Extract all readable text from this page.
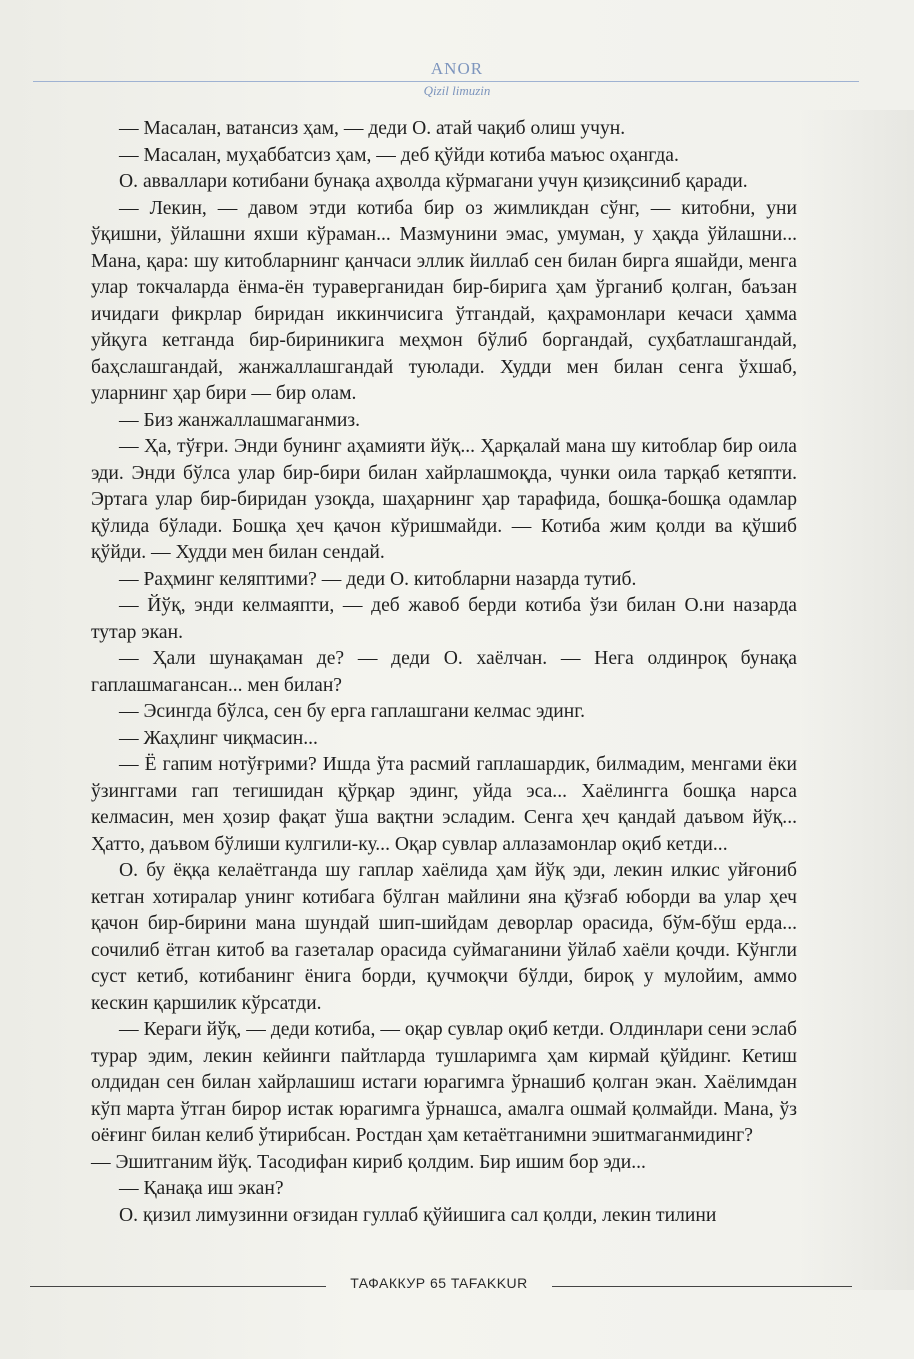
ANOR
Qizil limuzin

— Масалан, ватансиз ҳам, — деди О. атай чақиб олиш учун.

— Масалан, муҳаббатсиз ҳам, — деб қўйди котиба маъюс оҳангда.

О. авваллари котибани бунақа аҳволда кўрмагани учун қизиқсиниб қаради.

— Лекин, — давом этди котиба бир оз жимликдан сўнг, — китобни, уни ўқишни, ўйлашни яхши кўраман... Мазмунини эмас, умуман, у ҳақда ўйлашни... Мана, қара: шу китобларнинг қанчаси эллик йиллаб сен билан бирга яшайди, менга улар токчаларда ёнма-ён тураверганидан бир-бирига ҳам ўрганиб қолган, баъзан ичидаги фикрлар биридан иккинчисига ўтгандай, қаҳрамонлари кечаси ҳамма уйқуга кетганда бир-бириникига меҳмон бўлиб боргандай, суҳбатлашгандай, баҳслашгандай, жанжаллашгандай туюлади. Худди мен билан сенга ўхшаб, уларнинг ҳар бири — бир олам.

— Биз жанжаллашмаганмиз.

— Ҳа, тўғри. Энди бунинг аҳамияти йўқ... Ҳарқалай мана шу китоблар бир оила эди. Энди бўлса улар бир-бири билан хайрлашмоқда, чунки оила тарқаб кетяпти. Эртага улар бир-биридан узоқда, шаҳарнинг ҳар тарафида, бошқа-бошқа одамлар қўлида бўлади. Бошқа ҳеч қачон кўришмайди. — Котиба жим қолди ва қўшиб қўйди. — Худди мен билан сендай.

— Раҳминг келяптими? — деди О. китобларни назарда тутиб.

— Йўқ, энди келмаяпти, — деб жавоб берди котиба ўзи билан О.ни назарда тутар экан.

— Ҳали шунақаман де? — деди О. хаёлчан. — Нега олдинроқ бунақа гаплашмагансан... мен билан?

— Эсингда бўлса, сен бу ерга гаплашгани келмас эдинг.

— Жаҳлинг чиқмасин...

— Ё гапим нотўғрими? Ишда ўта расмий гаплашардик, билмадим, менгами ёки ўзинггами гап тегишидан қўрқар эдинг, уйда эса... Хаёлингга бошқа нарса келмасин, мен ҳозир фақат ўша вақтни эсладим. Сенга ҳеч қандай даъвом йўқ... Ҳатто, даъвом бўлиши кулгили-ку... Оқар сувлар аллазамонлар оқиб кетди...

О. бу ёққа келаётганда шу гаплар хаёлида ҳам йўқ эди, лекин илкис уйғониб кетган хотиралар унинг котибага бўлган майлини яна қўзғаб юборди ва улар ҳеч қачон бир-бирини мана шундай шип-шийдам деворлар орасида, бўм-бўш ерда... сочилиб ётган китоб ва газеталар орасида суймаганини ўйлаб хаёли қочди. Кўнгли суст кетиб, котибанинг ёнига борди, қучмоқчи бўлди, бироқ у мулойим, аммо кескин қаршилик кўрсатди.

— Кераги йўқ, — деди котиба, — оқар сувлар оқиб кетди. Олдинлари сени эслаб турар эдим, лекин кейинги пайтларда тушларимга ҳам кирмай қўйдинг. Кетиш олдидан сен билан хайрлашиш истаги юрагимга ўрнашиб қолган экан. Хаёлимдан кўп марта ўтган бирор истак юрагимга ўрнашса, амалга ошмай қолмайди. Мана, ўз оёғинг билан келиб ўтирибсан. Ростдан ҳам кетаётганимни эшитмаганмидинг?

— Эшитганим йўқ. Тасодифан кириб қолдим. Бир ишим бор эди...

— Қанақа иш экан?

О. қизил лимузинни оғзидан гуллаб қўйишига сал қолди, лекин тилини

ТАФАККУР 65 TAFAKKUR
